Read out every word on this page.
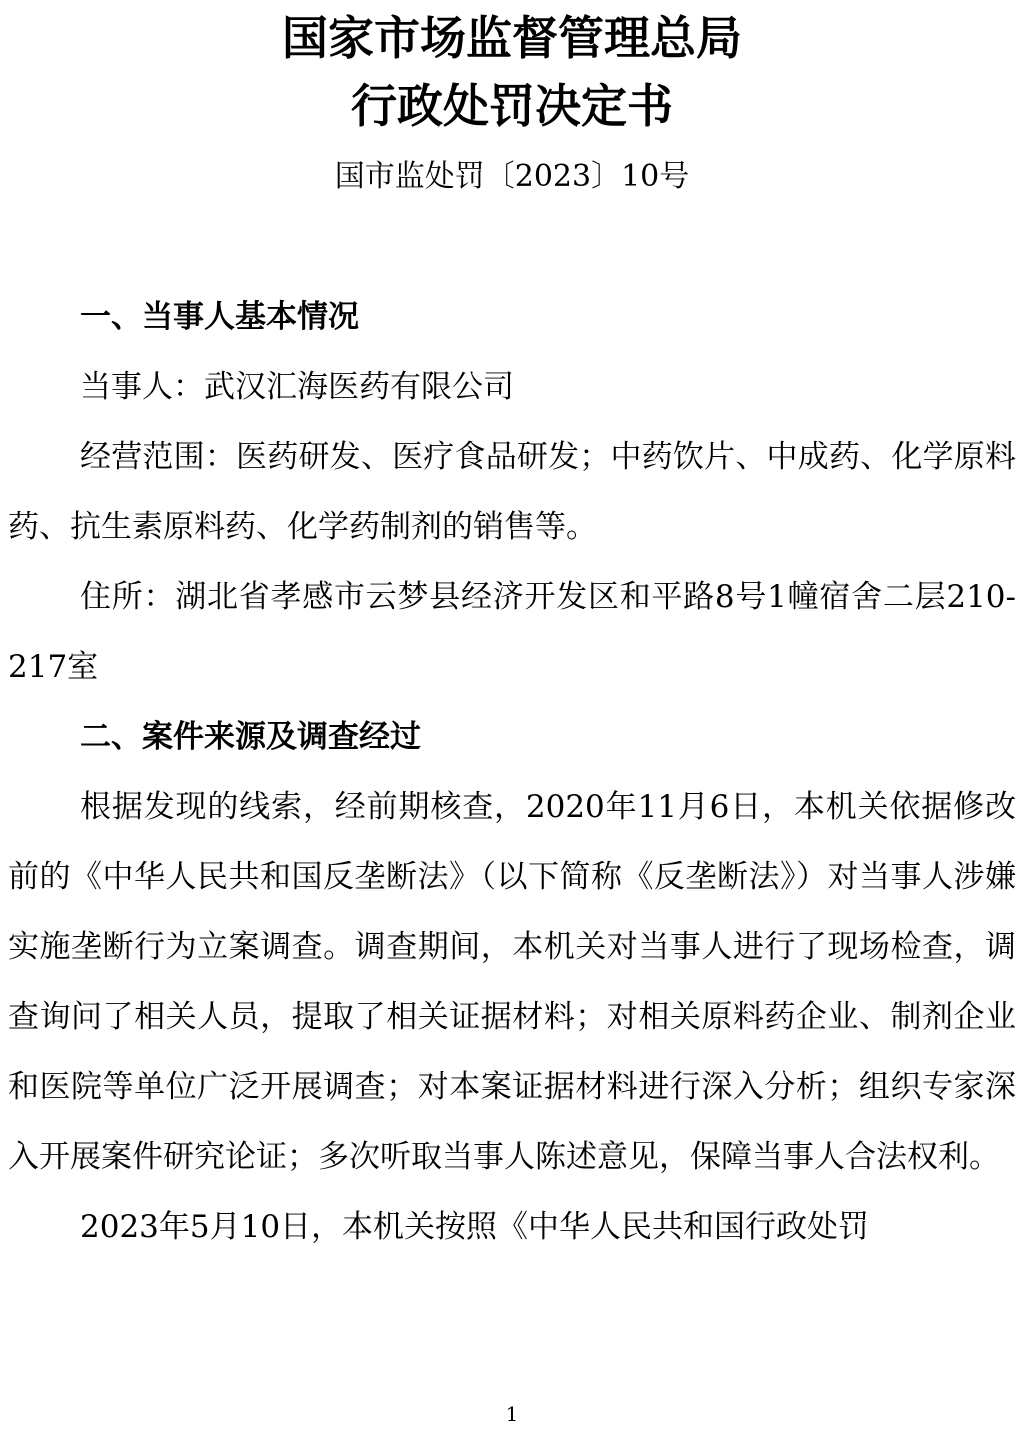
国家市场监督管理总局
行政处罚决定书
国市监处罚〔2023〕10号
一、当事人基本情况

当事人：武汉汇海医药有限公司

经营范围：医药研发、医疗食品研发；中药饮片、中成药、化学原料药、抗生素原料药、化学药制剂的销售等。

住所：湖北省孝感市云梦县经济开发区和平路8号1幢宿舍二层210-217室

二、案件来源及调查经过

根据发现的线索，经前期核查，2020年11月6日，本机关依据修改前的《中华人民共和国反垄断法》（以下简称《反垄断法》）对当事人涉嫌实施垄断行为立案调查。调查期间，本机关对当事人进行了现场检查，调查询问了相关人员，提取了相关证据材料；对相关原料药企业、制剂企业和医院等单位广泛开展调查；对本案证据材料进行深入分析；组织专家深入开展案件研究论证；多次听取当事人陈述意见，保障当事人合法权利。

2023年5月10日，本机关按照《中华人民共和国行政处罚

1
